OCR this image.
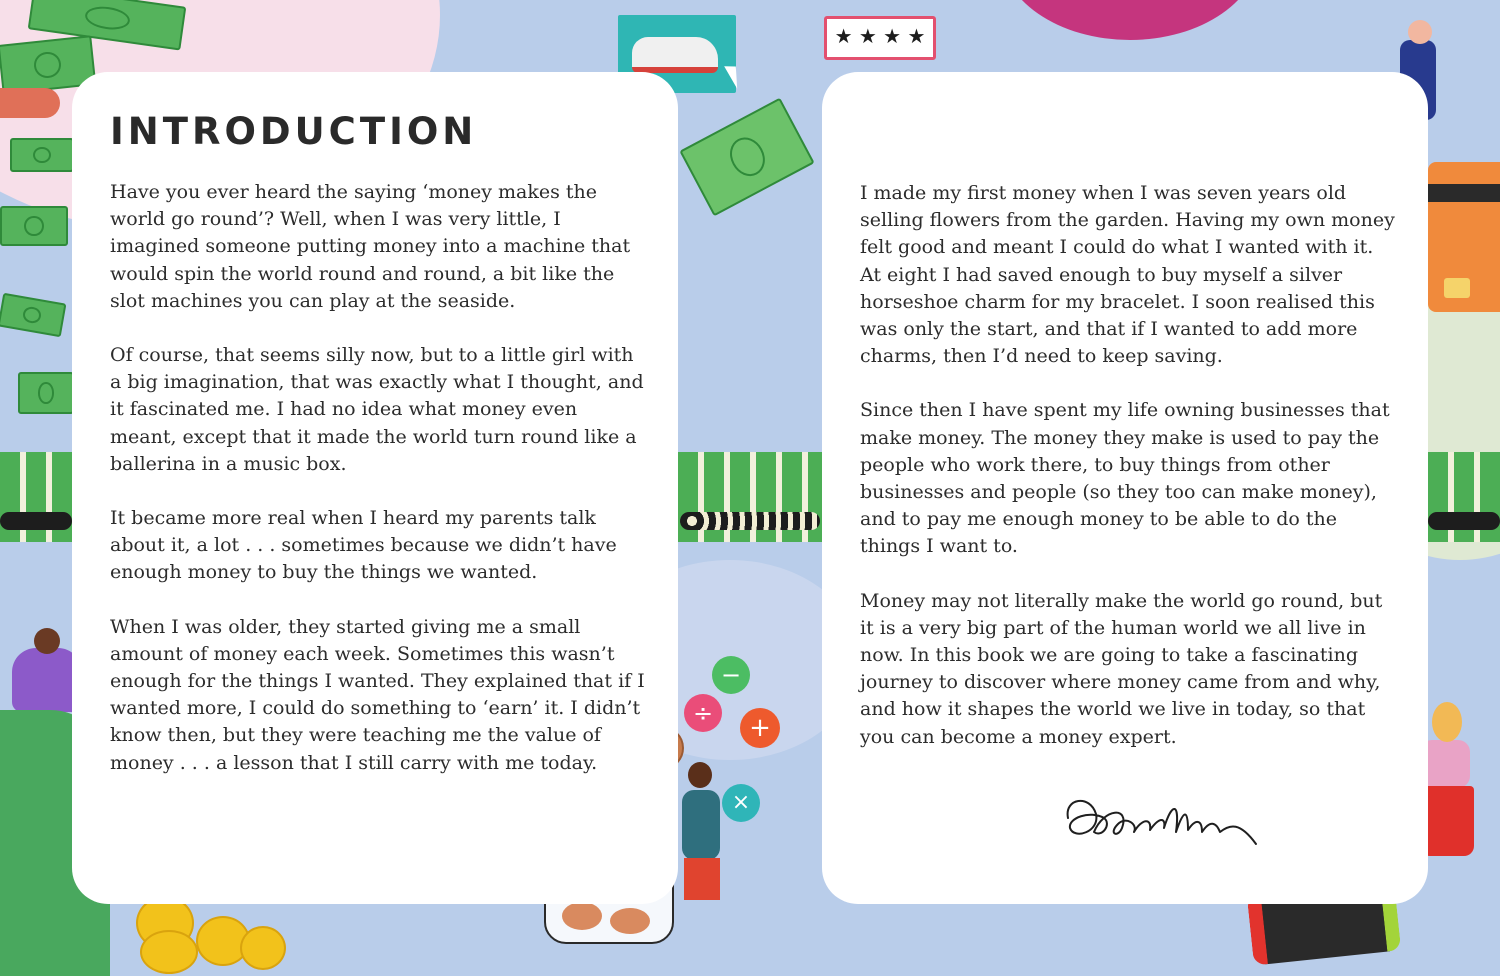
★ ★ ★ ★
−
÷	+
×
INTRODUCTION

Have you ever heard the saying ‘money makes the world go round’? Well, when I was very little, I imagined someone putting money into a machine that would spin the world round and round, a bit like the slot machines you can play at the seaside.

Of course, that seems silly now, but to a little girl with a big imagination, that was exactly what I thought, and it fascinated me. I had no idea what money even meant, except that it made the world turn round like a ballerina in a music box.

It became more real when I heard my parents talk about it, a lot . . . sometimes because we didn’t have enough money to buy the things we wanted.

When I was older, they started giving me a small amount of money each week. Sometimes this wasn’t enough for the things I wanted. They explained that if I wanted more, I could do something to ‘earn’ it. I didn’t know then, but they were teaching me the value of money . . . a lesson that I still carry with me today.

I made my first money when I was seven years old selling flowers from the garden. Having my own money felt good and meant I could do what I wanted with it. At eight I had saved enough to buy myself a silver horseshoe charm for my bracelet. I soon realised this was only the start, and that if I wanted to add more charms, then I’d need to keep saving.

Since then I have spent my life owning businesses that make money. The money they make is used to pay the people who work there, to buy things from other businesses and people (so they too can make money), and to pay me enough money to be able to do the things I want to.

Money may not literally make the world go round, but it is a very big part of the human world we all live in now. In this book we are going to take a fascinating journey to discover where money came from and why, and how it shapes the world we live in today, so that you can become a money expert.
